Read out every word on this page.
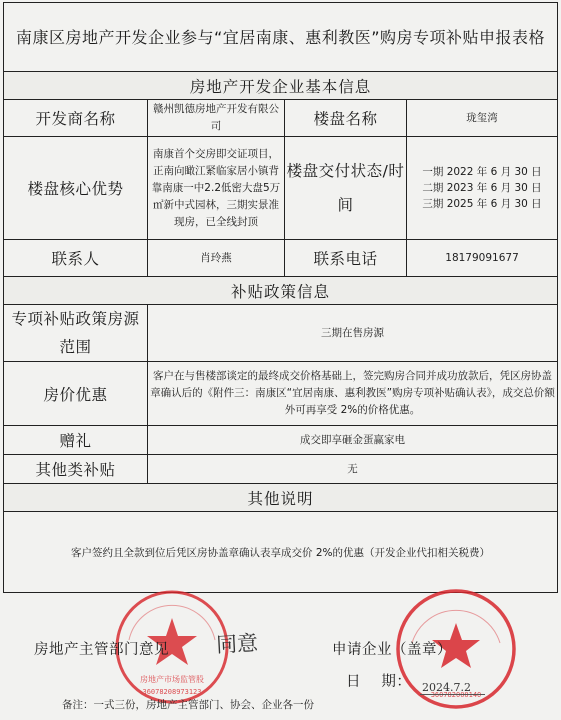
南康区房地产开发企业参与“宜居南康、惠利教医”购房专项补贴申报表格			
房地产开发企业基本信息			
开发商名称	赣州凯德房地产开发有限公司	楼盘名称	珑玺湾
楼盘核心优势	南康首个交房即交证项目，正南向瞰江紧临家居小镇背靠南康一中2.2低密大盘5万㎡新中式园林，三期实景准现房，已全线封顶	楼盘交付状态/时间	一期 2022 年 6 月 30 日
二期 2023 年 6 月 30 日
三期 2025 年 6 月 30 日

联系人	肖玲燕	联系电话	18179091677
补贴政策信息			
专项补贴政策房源范围	三期在售房源		
房价优惠	客户在与售楼部谈定的最终成交价格基础上，签完购房合同并成功放款后，凭区房协盖章确认后的《附件三：南康区“宜居南康、惠利教医”购房专项补贴确认表》，成交总价额外可再享受 2%的价格优惠。		
赠礼	成交即享砸金蛋赢家电		
其他类补贴	无		
其他说明			
客户签约且全款到位后凭区房协盖章确认表享成交价 2%的优惠（开发企业代扣相关税费）			
房地产市场监管股
36078208973123	360782000140
房地产主管部门意见 同意	申请企业（盖章）
日    期： 2024.7.2
备注：一式三份，房地产主管部门、协会、企业各一份
